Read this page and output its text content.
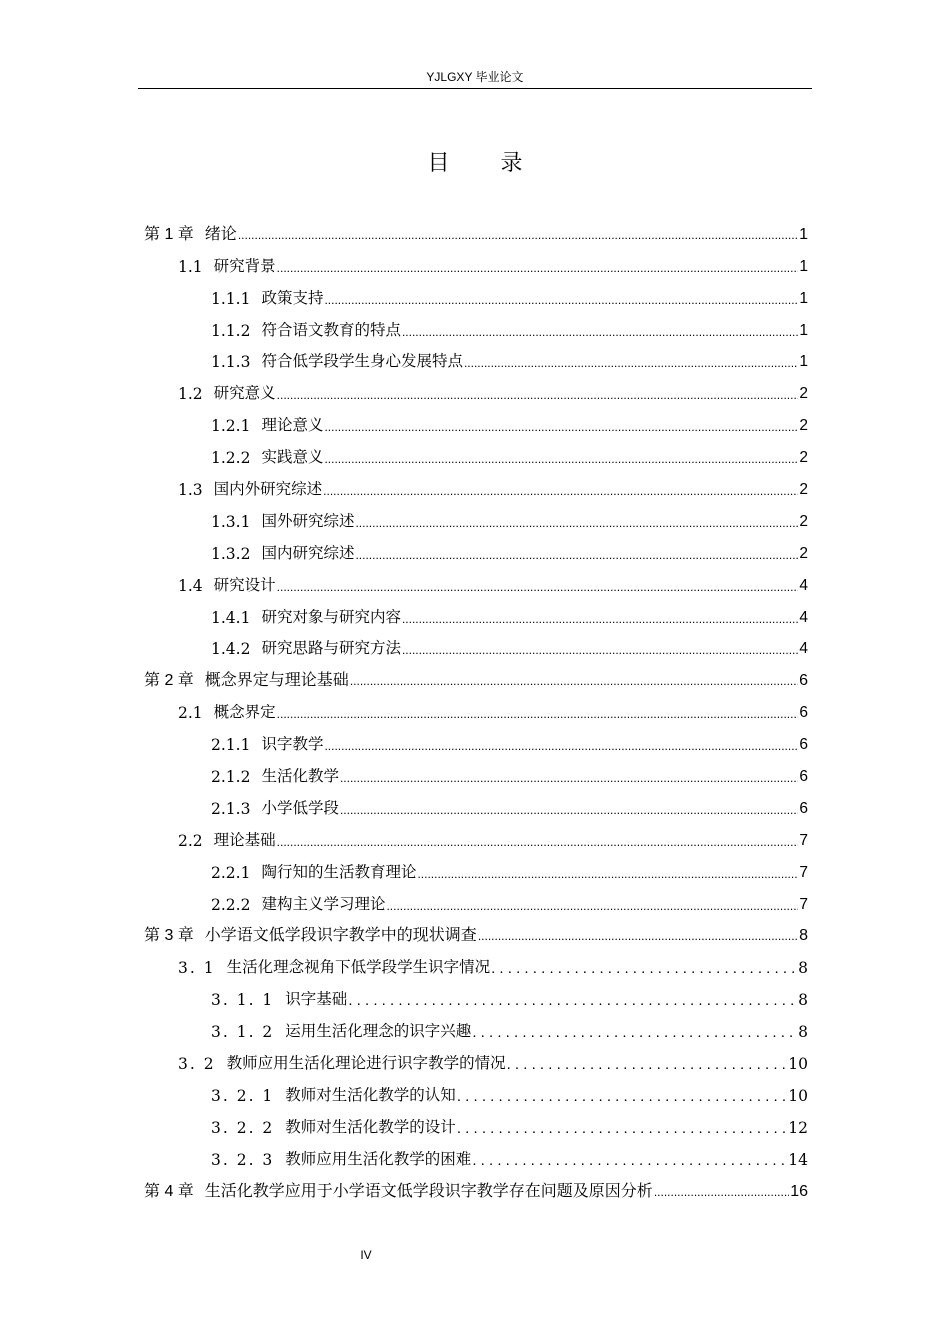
YJLGXY 毕业论文
目 录
第 1 章 绪论 .....	1
1.1 研究背景 .....	1
1.1.1 政策支持 .....	1
1.1.2 符合语文教育的特点 .....	1
1.1.3 符合低学段学生身心发展特点 .....	1
1.2 研究意义 .....	2
1.2.1 理论意义 .....	2
1.2.2 实践意义 .....	2
1.3 国内外研究综述 .....	2
1.3.1 国外研究综述 .....	2
1.3.2 国内研究综述 .....	2
1.4 研究设计 .....	4
1.4.1 研究对象与研究内容 .....	4
1.4.2 研究思路与研究方法 .....	4
第 2 章 概念界定与理论基础 .....	6
2.1 概念界定 .....	6
2.1.1 识字教学 .....	6
2.1.2 生活化教学 .....	6
2.1.3 小学低学段 .....	6
2.2 理论基础 .....	7
2.2.1 陶行知的生活教育理论 .....	7
2.2.2 建构主义学习理论 .....	7
第 3 章 小学语文低学段识字教学中的现状调查 .....	8
3. 1 生活化理念视角下低学段学生识字情况 . . .	8
3. 1. 1 识字基础 . . .	8
3. 1. 2 运用生活化理念的识字兴趣 . . .	8
3. 2 教师应用生活化理论进行识字教学的情况 . . .	10
3. 2. 1 教师对生活化教学的认知 . . .	10
3. 2. 2 教师对生活化教学的设计 . . .	12
3. 2. 3 教师应用生活化教学的困难 . . .	14
第 4 章 生活化教学应用于小学语文低学段识字教学存在问题及原因分析 .....	16
IV
